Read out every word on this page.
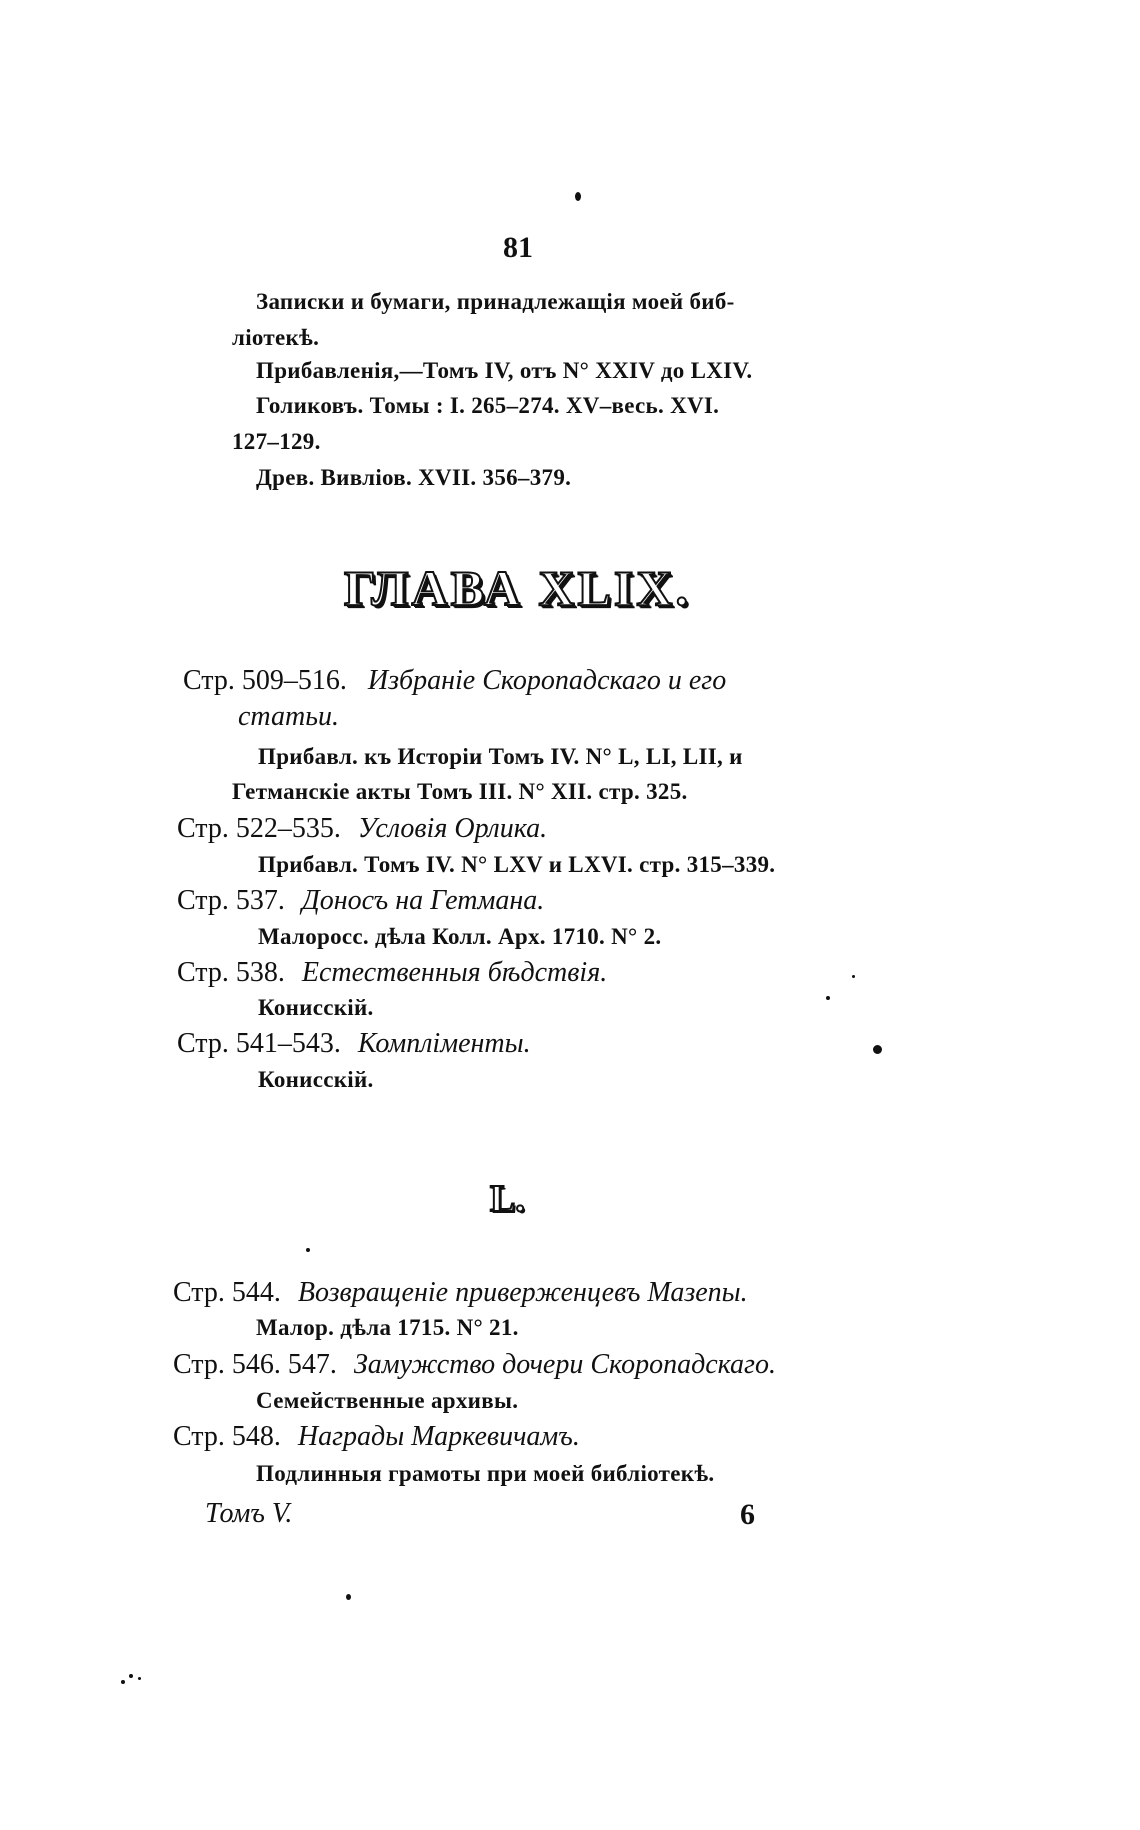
81
Записки и бумаги, принадлежащія моей биб-
ліотекѣ.
Прибавленія,—Томъ IV, отъ N° XXIV до LXIV.
Голиковъ. Томы : I. 265–274. XV–весь. XVI.
127–129.
Древ. Вивліов. XVII. 356–379.
ГЛАВА XLIX.
Стр. 509–516. Избраніе Скоропадскаго и его
статьи.
Прибавл. къ Исторіи Томъ IV. N° L, LI, LII, и
Гетманскіе акты Томъ III. N° XII. стр. 325.
Стр. 522–535. Условія Орлика.
Прибавл. Томъ IV. N° LXV и LXVI. стр. 315–339.
Стр. 537. Доносъ на Гетмана.
Малоросс. дѣла Колл. Арх. 1710. N° 2.
Стр. 538. Естественныя бѣдствія.
Конисскій.
Стр. 541–543. Компліменты.
Конисскій.
L.
Стр. 544. Возвращеніе приверженцевъ Мазепы.
Малор. дѣла 1715. N° 21.
Стр. 546. 547. Замужство дочери Скоропадскаго.
Семейственные архивы.
Стр. 548. Награды Маркевичамъ.
Подлинныя грамоты при моей библіотекѣ.
Томъ V.	6
